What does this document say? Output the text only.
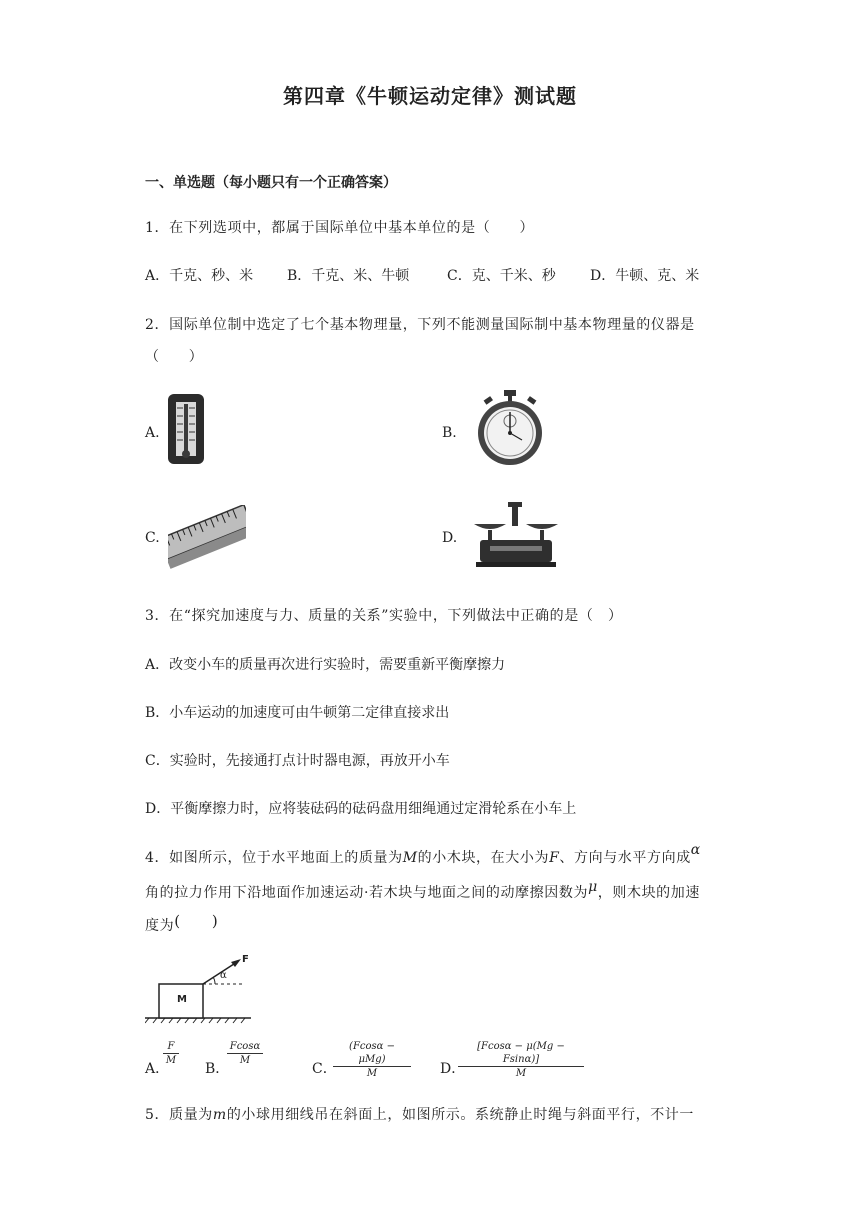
第四章《牛顿运动定律》测试题
一、单选题（每小题只有一个正确答案）
1．在下列选项中，都属于国际单位中基本单位的是（　　）
A．千克、秒、米 B．千克、米、牛顿	C．克、千米、秒 D．牛顿、克、米
2．国际单位制中选定了七个基本物理量，下列不能测量国际制中基本物理量的仪器是
（　　）
A.	B.
C.	D.
3．在“探究加速度与力、质量的关系”实验中，下列做法中正确的是（　）
A．改变小车的质量再次进行实验时，需要重新平衡摩擦力
B．小车运动的加速度可由牛顿第二定律直接求出
C．实验时，先接通打点计时器电源，再放开小车
D．平衡摩擦力时，应将装砝码的砝码盘用细绳通过定滑轮系在小车上
4．如图所示，位于水平地面上的质量为M的小木块，在大小为F、方向与水平方向成α
角的拉力作用下沿地面作加速运动·若木块与地面之间的动摩擦因数为μ，则木块的加速
度为(　　)
M
F
α
A．
$\frac{F}{M}$
B．
$\frac{Fcos\alpha}{M}$
C．
(Fcosα − μMg)
M	D．
$\frac{[Fcos\alpha - \mu(Mg - Fsin\alpha)]}{M}$
5．质量为m的小球用细线吊在斜面上，如图所示。系统静止时绳与斜面平行，不计一
